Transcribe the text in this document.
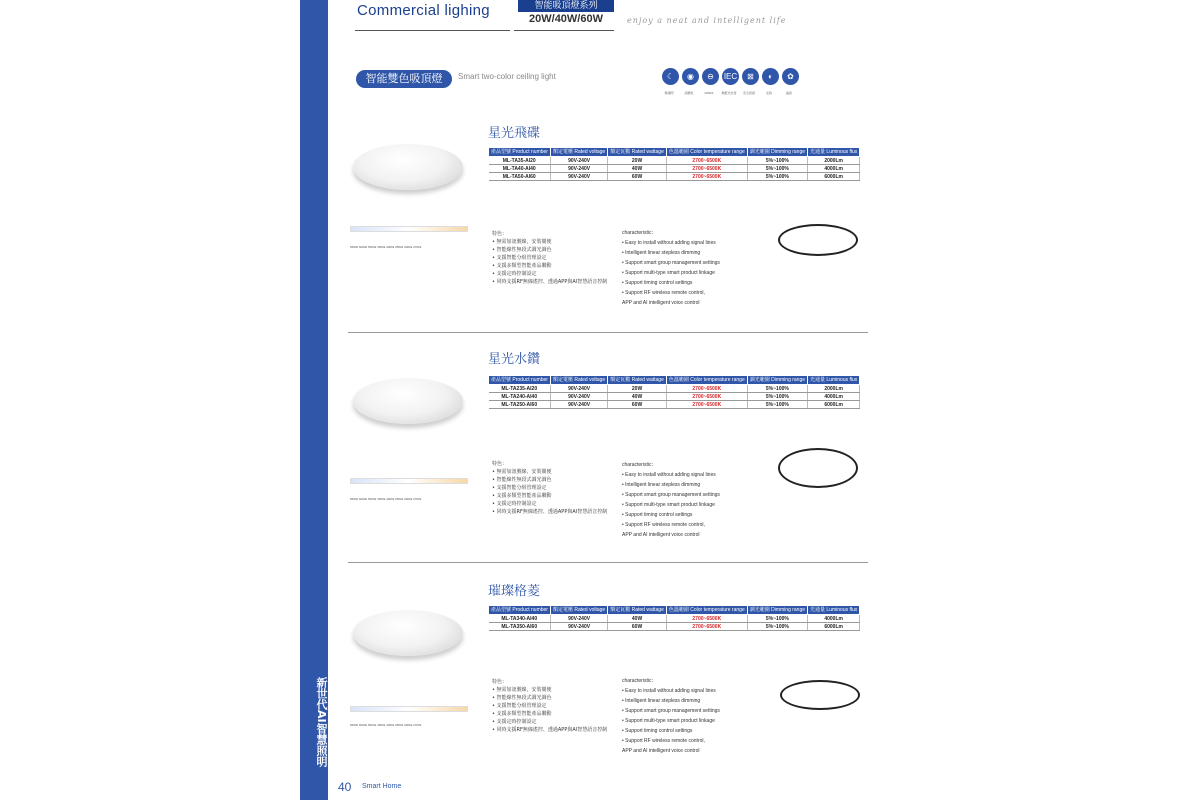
新世代AI智慧照明
Commercial lighing	智能吸頂燈系列
20W/40W/60W	enjoy a neat and intelligent life
智能雙色吸頂燈	Smart two-color ceiling light	☾	◉	⊖	IEC	⊠	◐	✿
無頻閃	高顯色	ROHS	無藍光危害	安全認證	定時	遙控
星光飛碟
6500k 6000k 5000k 4500k 4000k 3500k 3000k 2700k
產品型號 Product number	額定電壓 Rated voltage	額定瓦數 Rated wattage	色溫範圍 Color temperature range	調光範圍 Dimming range	光通量 Luminous flux
ML-TA35-AI20	90V-240V	20W	2700~6500K	5%~100%	2000Lm
ML-TA40-AI40	90V-240V	40W	2700~6500K	5%~100%	4000Lm
ML-TA50-AI60	90V-240V	60W	2700~6500K	5%~100%	6000Lm
特色：
• 無需加訊號線，安裝簡便
• 智能線性無段式調光調色
• 支援智能分組管理設定
• 支援多類型智能產品聯動
• 支援定時控制設定
• 同時支援RF無線遙控、透過APP與AI智慧語音控制
characteristic：
• Easy to install without adding signal lines
• Intelligent linear stepless dimming
• Support smart group management settings
• Support multi-type smart product linkage
• Support timing control settings
• Support RF wireless remote control,
APP and AI intelligent voice control
星光水鑽
6500k 6000k 5000k 4500k 4000k 3500k 3000k 2700k
產品型號 Product number	額定電壓 Rated voltage	額定瓦數 Rated wattage	色溫範圍 Color temperature range	調光範圍 Dimming range	光通量 Luminous flux
ML-TA235-AI20	90V-240V	20W	2700~6500K	5%~100%	2000Lm
ML-TA240-AI40	90V-240V	40W	2700~6500K	5%~100%	4000Lm
ML-TA250-AI60	90V-240V	60W	2700~6500K	5%~100%	6000Lm
特色：
• 無需加訊號線，安裝簡便
• 智能線性無段式調光調色
• 支援智能分組管理設定
• 支援多類型智能產品聯動
• 支援定時控制設定
• 同時支援RF無線遙控、透過APP與AI智慧語音控制
characteristic：
• Easy to install without adding signal lines
• Intelligent linear stepless dimming
• Support smart group management settings
• Support multi-type smart product linkage
• Support timing control settings
• Support RF wireless remote control,
APP and AI intelligent voice control
璀璨格菱
6500k 6000k 5000k 4500k 4000k 3500k 3000k 2700k
產品型號 Product number	額定電壓 Rated voltage	額定瓦數 Rated wattage	色溫範圍 Color temperature range	調光範圍 Dimming range	光通量 Luminous flux
ML-TA340-AI40	90V-240V	40W	2700~6500K	5%~100%	4000Lm
ML-TA350-AI60	90V-240V	60W	2700~6500K	5%~100%	6000Lm
特色：
• 無需加訊號線，安裝簡便
• 智能線性無段式調光調色
• 支援智能分組管理設定
• 支援多類型智能產品聯動
• 支援定時控制設定
• 同時支援RF無線遙控、透過APP與AI智慧語音控制
characteristic：
• Easy to install without adding signal lines
• Intelligent linear stepless dimming
• Support smart group management settings
• Support multi-type smart product linkage
• Support timing control settings
• Support RF wireless remote control,
APP and AI intelligent voice control
40 Smart Home
